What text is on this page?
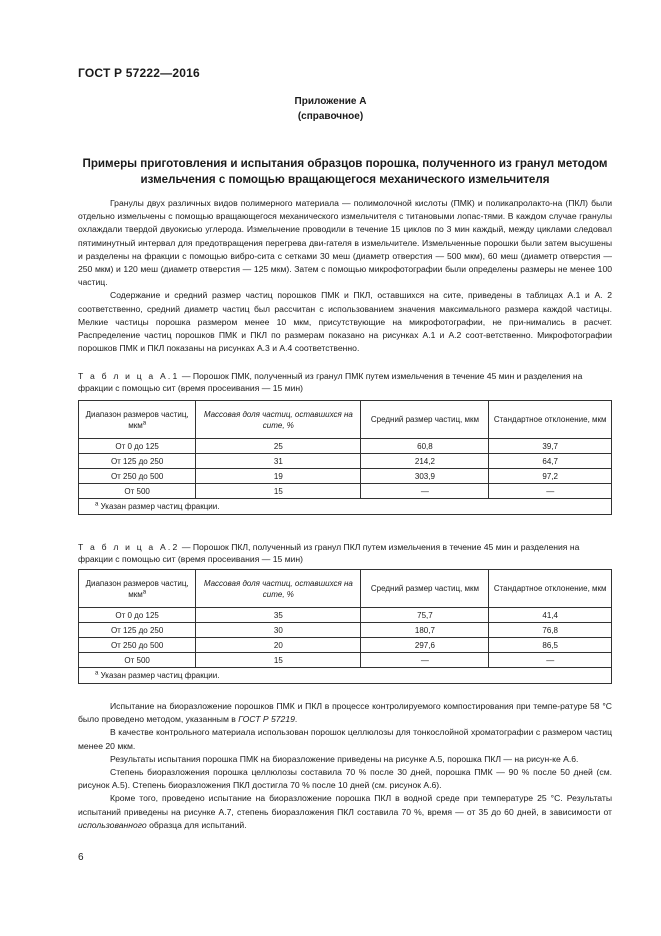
ГОСТ Р 57222—2016
Приложение А
(справочное)
Примеры приготовления и испытания образцов порошка, полученного из гранул методом
измельчения с помощью вращающегося механического измельчителя

Гранулы двух различных видов полимерного материала — полимолочной кислоты (ПМК) и поликапролакто-на (ПКЛ) были отдельно измельчены с помощью вращающегося механического измельчителя с титановыми лопас-тями. В каждом случае гранулы охлаждали твердой двуокисью углерода. Измельчение проводили в течение 15 циклов по 3 мин каждый, между циклами следовал пятиминутный интервал для предотвращения перегрева дви-гателя в измельчителе. Измельченные порошки были затем высушены и разделены на фракции с помощью вибро-сита с сетками 30 меш (диаметр отверстия — 500 мкм), 60 меш (диаметр отверстия — 250 мкм) и 120 меш (диаметр отверстия — 125 мкм). Затем с помощью микрофотографии были определены размеры не менее 100 частиц.

Содержание и средний размер частиц порошков ПМК и ПКЛ, оставшихся на сите, приведены в таблицах А.1 и А. 2 соответственно, средний диаметр частиц был рассчитан с использованием значения максимального размера каждой частицы. Мелкие частицы порошка размером менее 10 мкм, присутствующие на микрофотографии, не при-нимались в расчет. Распределение частиц порошков ПМК и ПКЛ по размерам показано на рисунках А.1 и А.2 соот-ветственно. Микрофотографии порошков ПМК и ПКЛ показаны на рисунках А.3 и А.4 соответственно.

Т а б л и ц а А.1 — Порошок ПМК, полученный из гранул ПМК путем измельчения в течение 45 мин и разделения на фракции с помощью сит (время просеивания — 15 мин)
Диапазон размеров частиц, мкм$^а$	Массовая доля частиц, оставшихся на сите, %	Средний размер частиц, мкм	Стандартное отклонение, мкм
От 0 до 125	25	60,8	39,7
От 125 до 250	31	214,2	64,7
От 250 до 500	19	303,9	97,2
От 500	15	—	—
$^а$ Указан размер частиц фракции.			
Т а б л и ц а А.2 — Порошок ПКЛ, полученный из гранул ПКЛ путем измельчения в течение 45 мин и разделения на фракции с помощью сит (время просеивания — 15 мин)
Диапазон размеров частиц, мкм$^а$	Массовая доля частиц, оставшихся на сите, %	Средний размер частиц, мкм	Стандартное отклонение, мкм
От 0 до 125	35	75,7	41,4
От 125 до 250	30	180,7	76,8
От 250 до 500	20	297,6	86,5
От 500	15	—	—
$^а$ Указан размер частиц фракции.			

Испытание на биоразложение порошков ПМК и ПКЛ в процессе контролируемого компостирования при темпе-ратуре 58 °С было проведено методом, указанным в ГОСТ Р 57219.

В качестве контрольного материала использован порошок целлюлозы для тонкослойной хроматографии с размером частиц менее 20 мкм.

Результаты испытания порошка ПМК на биоразложение приведены на рисунке А.5, порошка ПКЛ — на рисун-ке А.6.

Степень биоразложения порошка целлюлозы составила 70 % после 30 дней, порошка ПМК — 90 % после 50 дней (см. рисунок А.5). Степень биоразложения ПКЛ достигла 70 % после 10 дней (см. рисунок А.6).

Кроме того, проведено испытание на биоразложение порошка ПКЛ в водной среде при температуре 25 °С. Результаты испытаний приведены на рисунке А.7, степень биоразложения ПКЛ составила 70 %, время — от 35 до 60 дней, в зависимости от использованного образца для испытаний.

6
